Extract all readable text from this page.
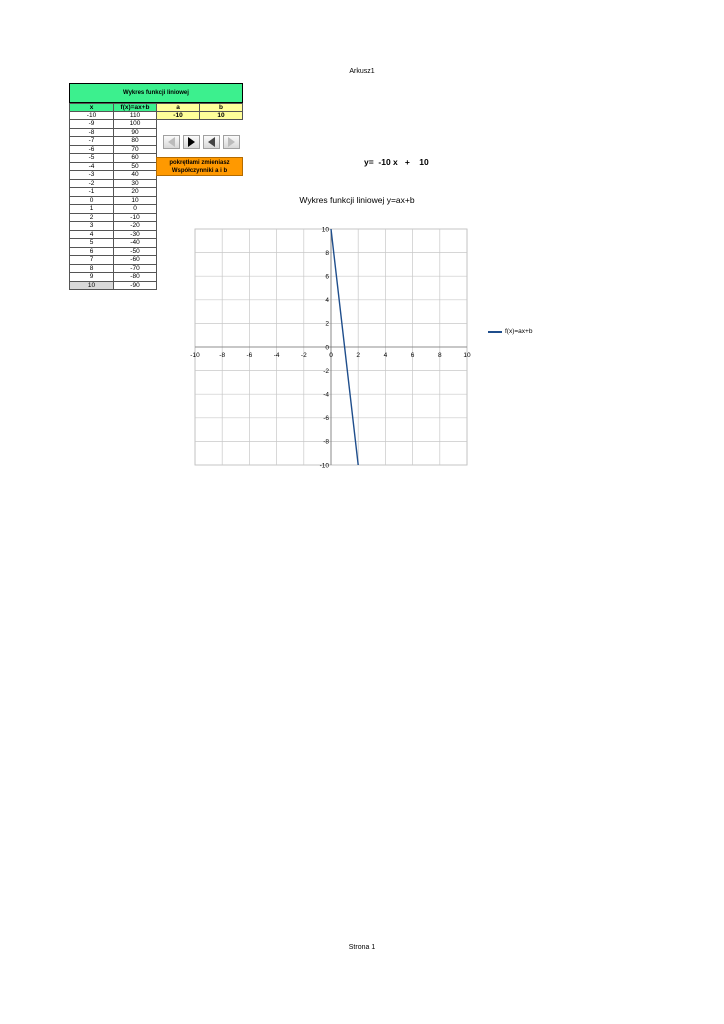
Arkusz1
Wykres funkcji liniowej
x	f(x)=ax+b	a	b
-10	110	-10	10
-9	100
-8	90
-7	80
-6	70
-5	60
-4	50
-3	40
-2	30
-1	20
0	10
1	0
2	-10
3	-20
4	-30
5	-40
6	-50
7	-60
8	-70
9	-80
10	-90
pokrętłami zmieniasz
Współczynniki a i b
y=  -10 x   +    10
Wykres funkcji liniowej y=ax+b
-10	-8	-6	-4	-2	0	2	4	6	8	10
-10
-8
-6
-4
-2
0
2
4
6
8
10
f(x)=ax+b
Strona 1
